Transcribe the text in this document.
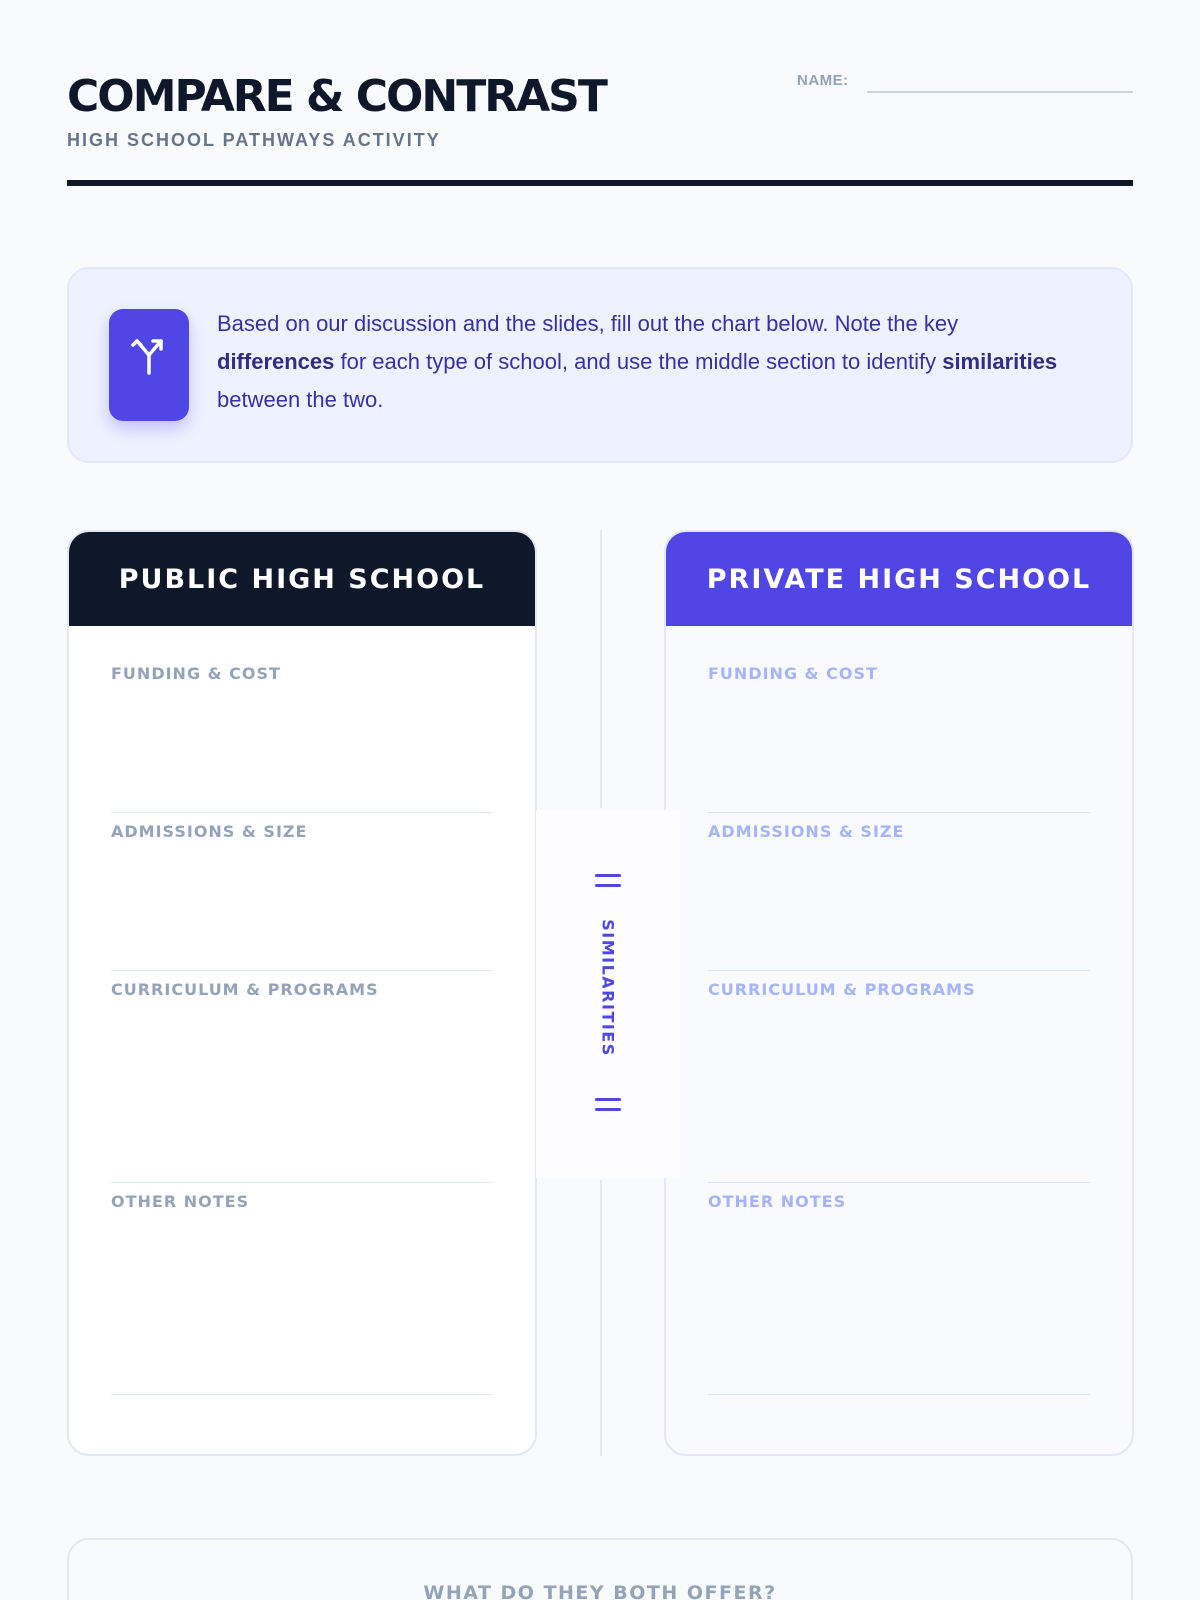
COMPARE & CONTRAST
HIGH SCHOOL PATHWAYS ACTIVITY
NAME:

Based on our discussion and the slides, fill out the chart below. Note the key differences for each type of school, and use the middle section to identify similarities between the two.

PUBLIC HIGH SCHOOL
FUNDING & COST
ADMISSIONS & SIZE
CURRICULUM & PROGRAMS
OTHER NOTES
PRIVATE HIGH SCHOOL
FUNDING & COST
ADMISSIONS & SIZE
CURRICULUM & PROGRAMS
OTHER NOTES
SIMILARITIES
WHAT DO THEY BOTH OFFER?
